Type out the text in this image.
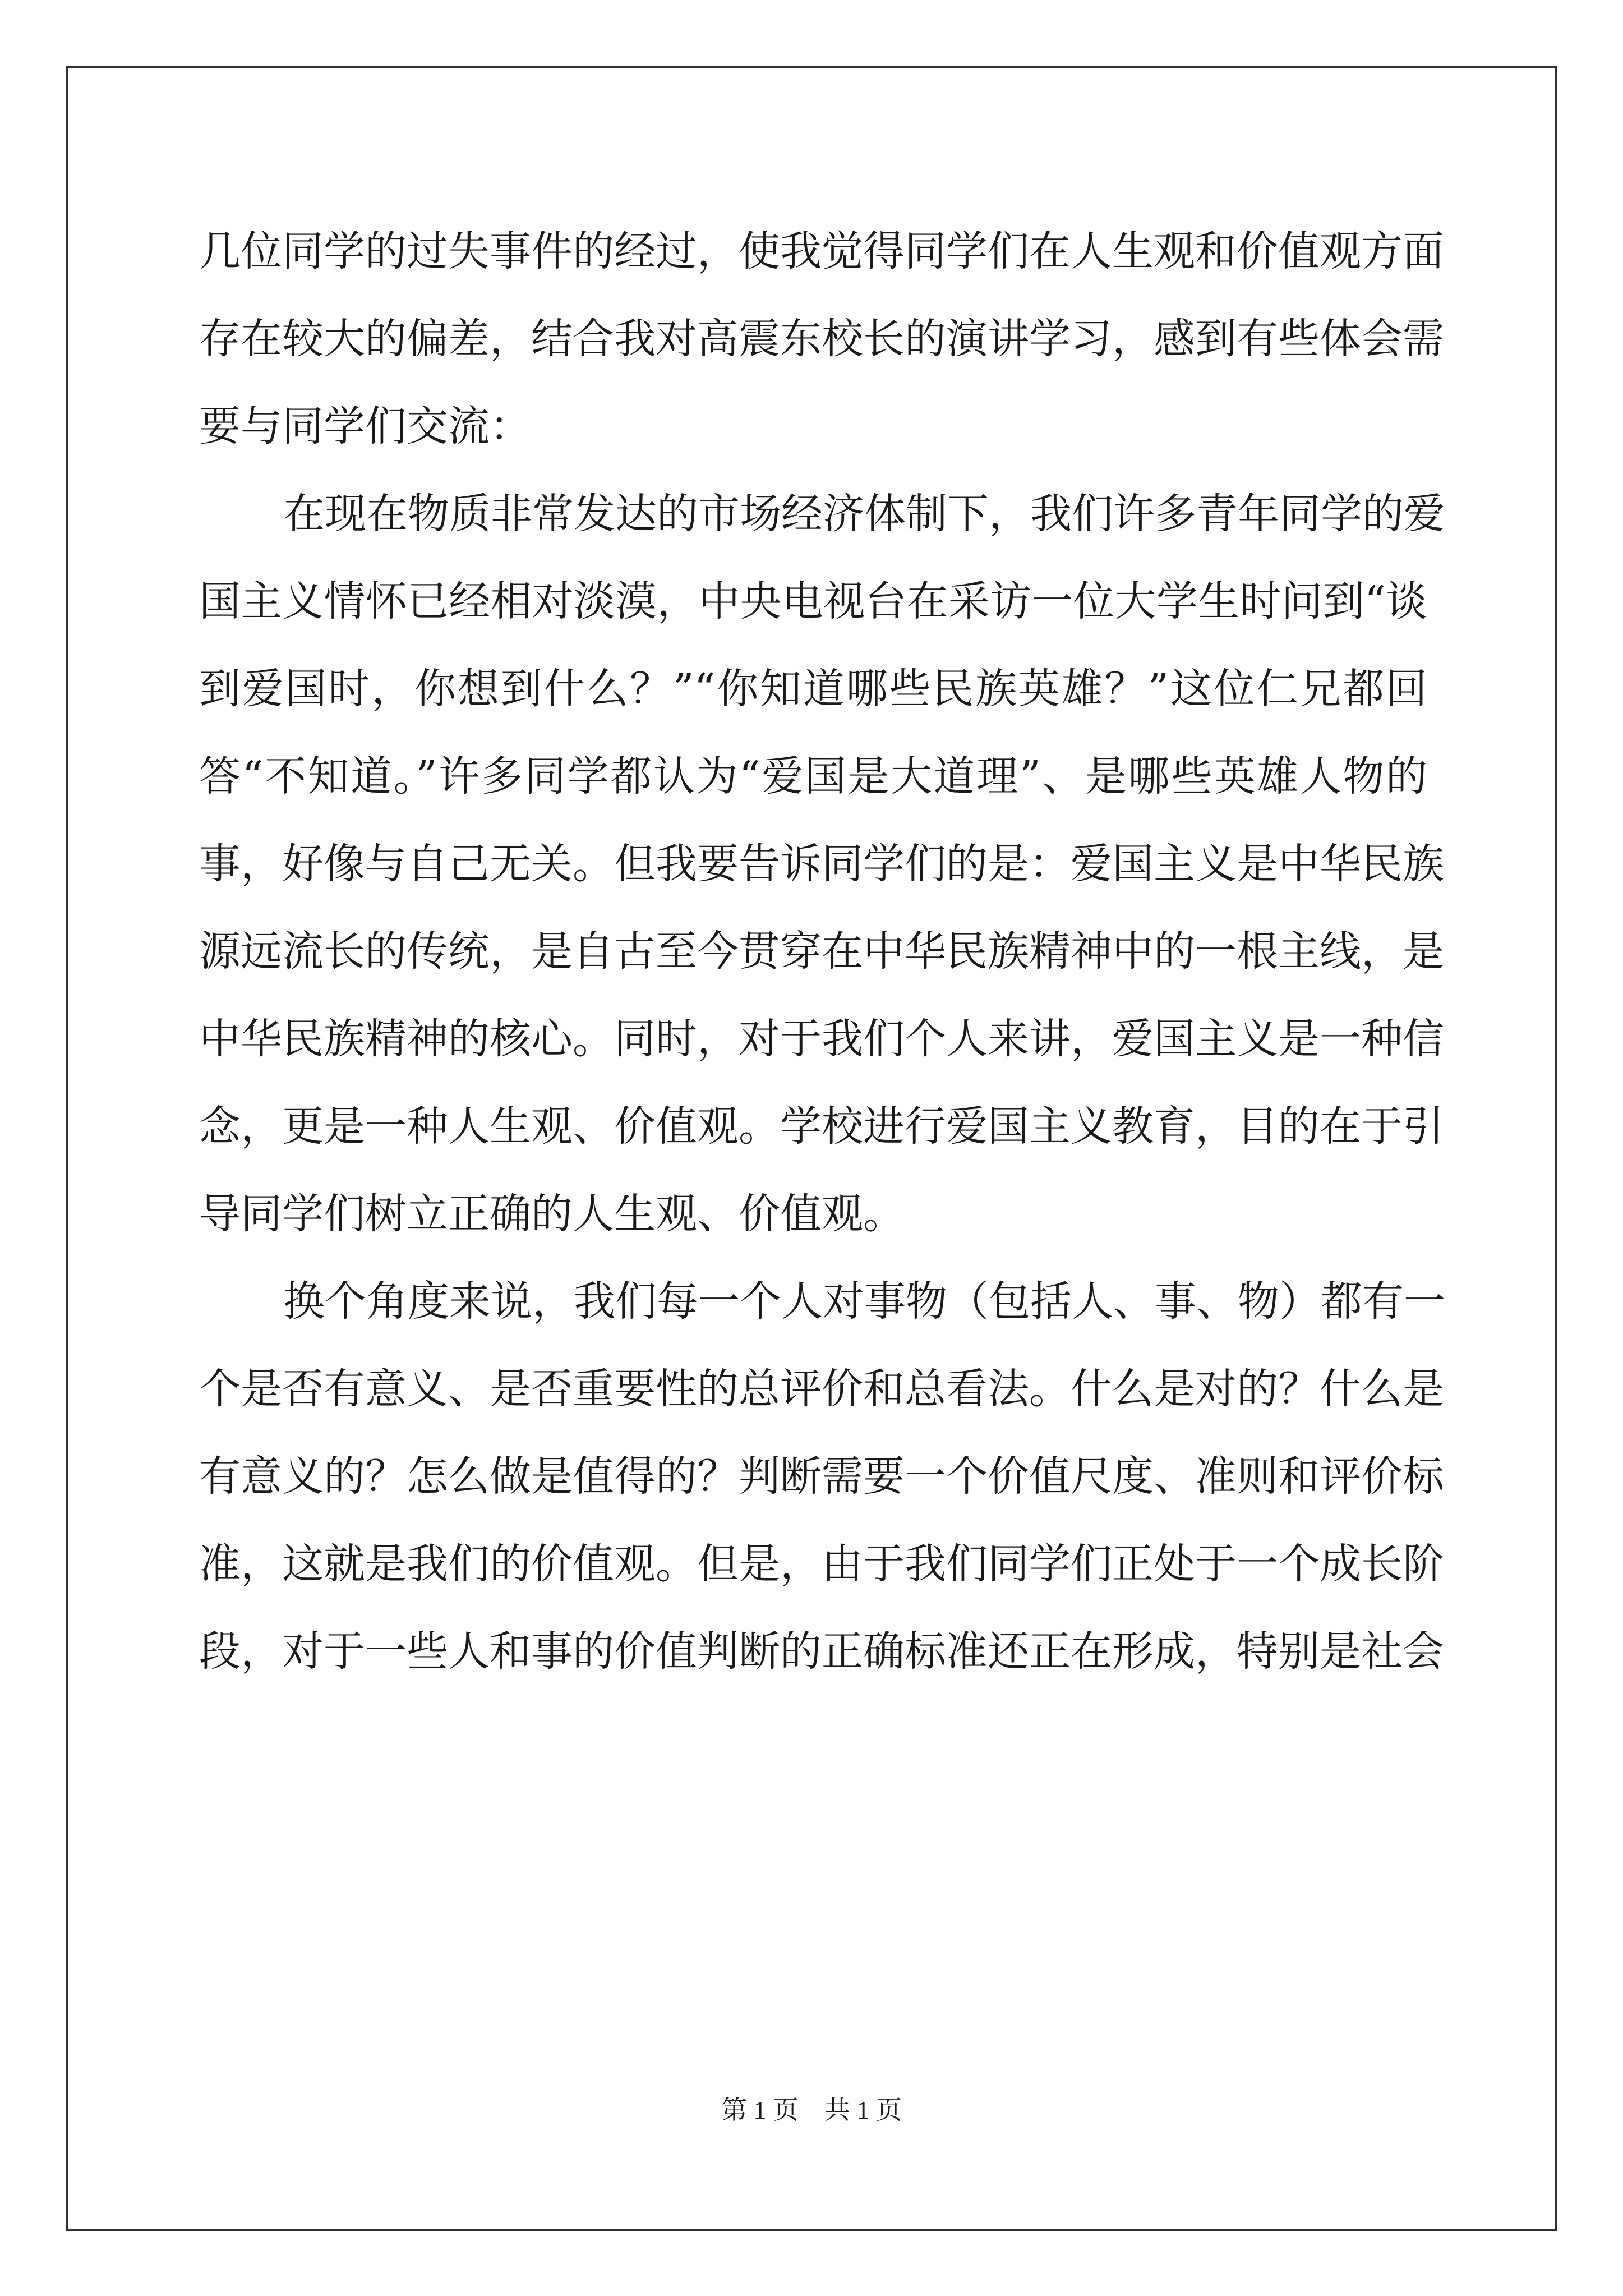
几位同学的过失事件的经过，使我觉得同学们在人生观和价值观方面
存在较大的偏差，结合我对高震东校长的演讲学习，感到有些体会需
要与同学们交流：
在现在物质非常发达的市场经济体制下，我们许多青年同学的爱
国主义情怀已经相对淡漠，中央电视台在采访一位大学生时问到“谈
到爱国时，你想到什么？”“你知道哪些民族英雄？”这位仁兄都回
答“不知道。”许多同学都认为“爱国是大道理”、是哪些英雄人物的
事，好像与自己无关。但我要告诉同学们的是：爱国主义是中华民族
源远流长的传统，是自古至今贯穿在中华民族精神中的一根主线，是
中华民族精神的核心。同时，对于我们个人来讲，爱国主义是一种信
念，更是一种人生观、价值观。学校进行爱国主义教育，目的在于引
导同学们树立正确的人生观、价值观。
换个角度来说，我们每一个人对事物（包括人、事、物）都有一
个是否有意义、是否重要性的总评价和总看法。什么是对的？什么是
有意义的？怎么做是值得的？判断需要一个价值尺度、准则和评价标
准，这就是我们的价值观。但是，由于我们同学们正处于一个成长阶
段，对于一些人和事的价值判断的正确标准还正在形成，特别是社会
第 1 页　共 1 页
